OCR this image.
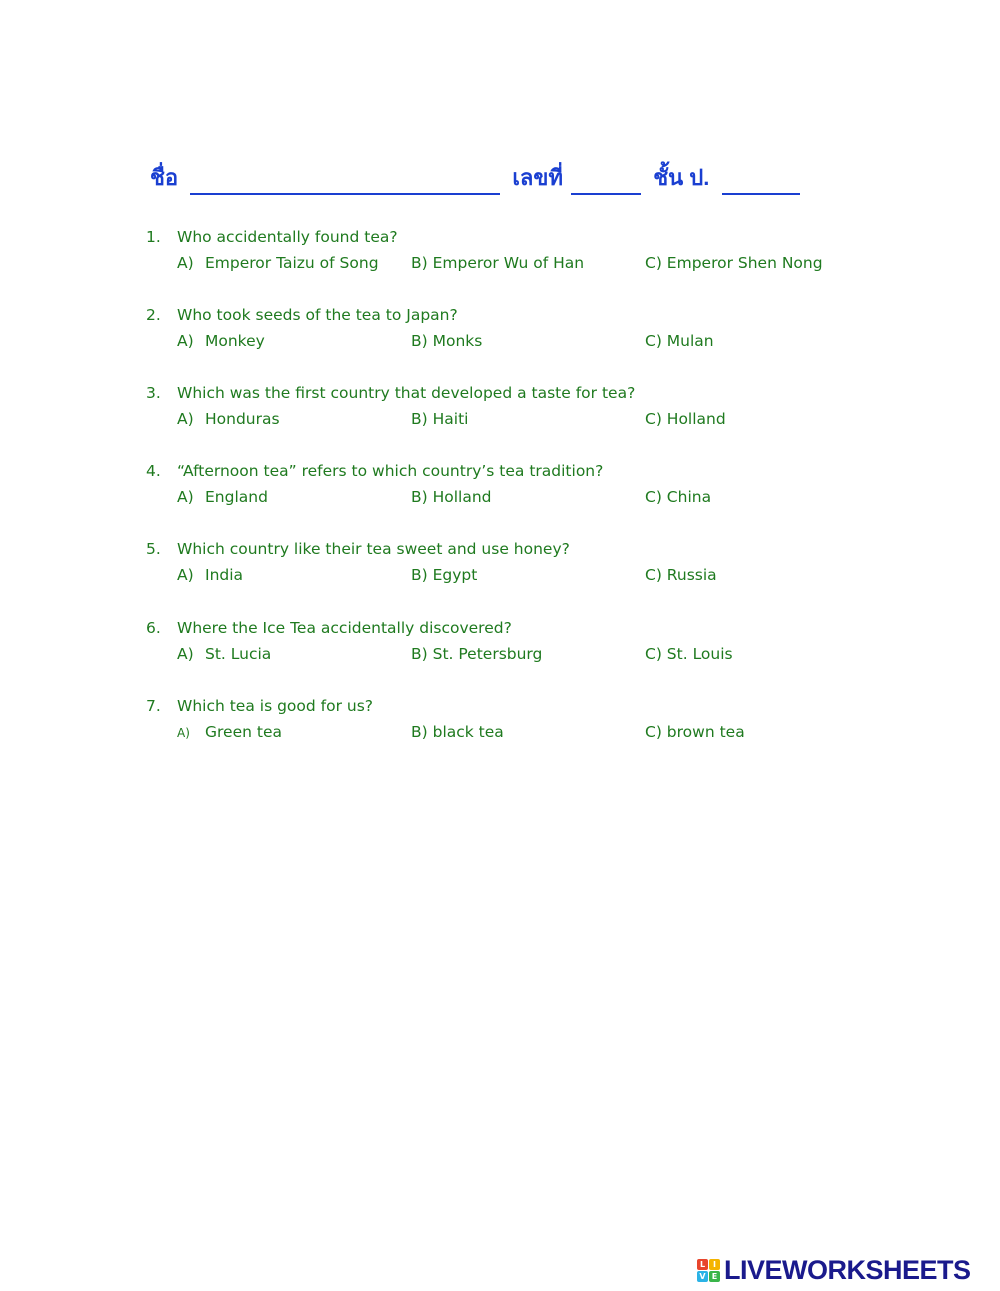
ชื่อ	เลขที่	ชั้น ป.
1. Who accidentally found tea?
A) Emperor Taizu of Song B) Emperor Wu of Han	C) Emperor Shen Nong
2. Who took seeds of the tea to Japan?
A) Monkey	B) Monks	C) Mulan
3. Which was the first country that developed a taste for tea?
A) Honduras	B) Haiti	C) Holland
4. “Afternoon tea” refers to which country’s tea tradition?
A) England	B) Holland	C) China
5. Which country like their tea sweet and use honey?
A) India	B) Egypt	C) Russia
6. Where the Ice Tea accidentally discovered?
A) St. Lucia	B) St. Petersburg	C) St. Louis
7. Which tea is good for us?
A) Green tea	B) black tea	C) brown tea
L I
V E LIVEWORKSHEETS
